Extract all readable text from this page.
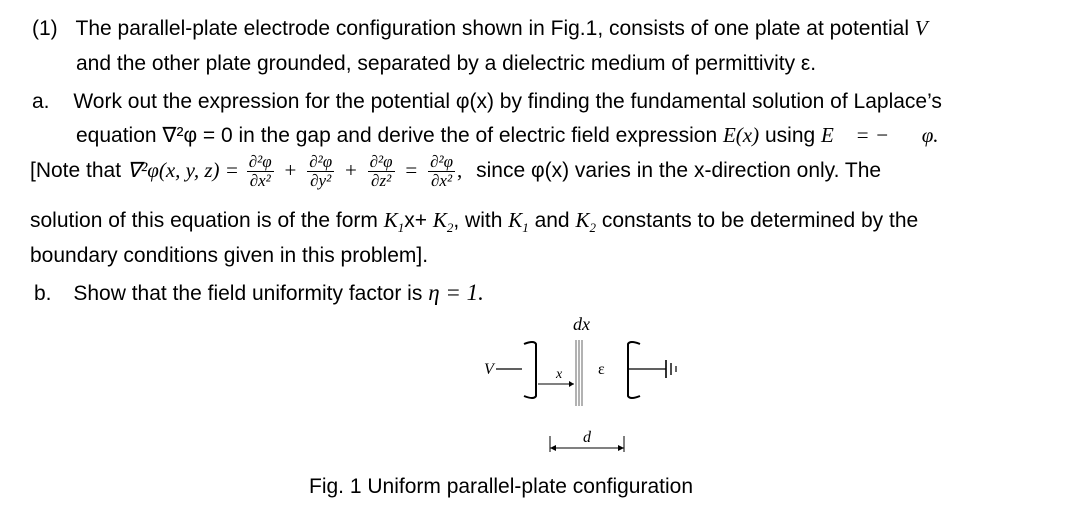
(1) The parallel-plate electrode configuration shown in Fig.1, consists of one plate at potential V
and the other plate grounded, separated by a dielectric medium of permittivity ε.
a. Work out the expression for the potential φ(x) by finding the fundamental solution of Laplace’s
equation ∇²φ = 0 in the gap and derive the of electric field expression E(x) using E⃗ = −∇⃗φ.
[Note that ∇²φ(x, y, $z) = \frac{\text{∂²φ}}{\text{∂x²}} + \frac{\text{∂²φ}}{\text{∂y²}} + \frac{\text{∂²φ}}{\text{∂z²}} = \frac{\text{∂²φ}}{\text{∂x²}}$ , since φ(x) varies in the x-direction only. The
solution of this equation is of the form $K_1x+ K_2$, with $K_1$ and $K_2$ constants to be determined by the
boundary conditions given in this problem].
b. Show that the field uniformity factor is η = 1.
dx
V	x ε
d
Fig. 1 Uniform parallel-plate configuration
